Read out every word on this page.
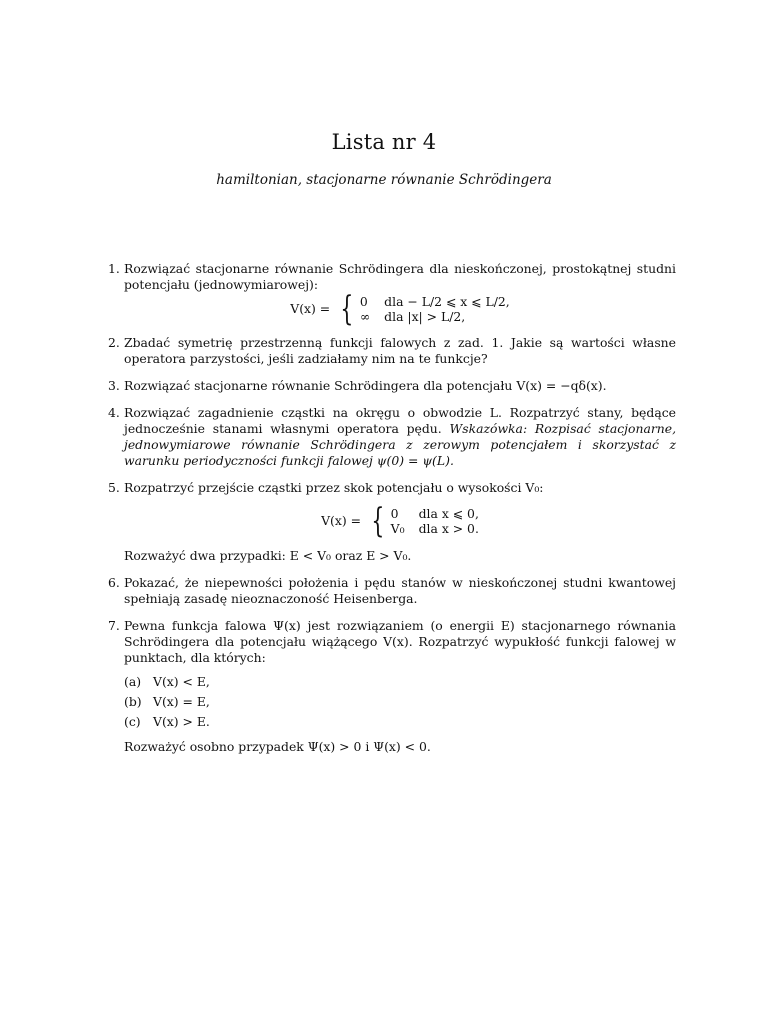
Lista nr 4
hamiltonian, stacjonarne równanie Schrödingera
1. Rozwiązać stacjonarne równanie Schrödingera dla nieskończonej, prostokątnej studni potencjału (jednowymiarowej):
V(x) = { 0 dla − L/2 ⩽ x ⩽ L/2,
∞ dla |x| > L/2,
2. Zbadać symetrię przestrzenną funkcji falowych z zad. 1. Jakie są wartości własne operatora parzystości, jeśli zadziałamy nim na te funkcje?
3. Rozwiązać stacjonarne równanie Schrödingera dla potencjału V(x) = −qδ(x).
4. Rozwiązać zagadnienie cząstki na okręgu o obwodzie L. Rozpatrzyć stany, będące jednocześnie stanami własnymi operatora pędu. Wskazówka: Rozpisać stacjonarne, jednowymiarowe równanie Schrödingera z zerowym potencjałem i skorzystać z warunku periodyczności funkcji falowej ψ(0) = ψ(L).
5. Rozpatrzyć przejście cząstki przez skok potencjału o wysokości V₀:
V(x) = { 0	dla x ⩽ 0,
V₀ dla x > 0.
Rozważyć dwa przypadki: E < V₀ oraz E > V₀.
6. Pokazać, że niepewności położenia i pędu stanów w nieskończonej studni kwantowej spełniają zasadę nieoznaczoność Heisenberga.
7. Pewna funkcja falowa Ψ(x) jest rozwiązaniem (o energii E) stacjonarnego równania Schrödingera dla potencjału wiążącego V(x). Rozpatrzyć wypukłość funkcji falowej w punktach, dla których:
(a) V(x) < E,
(b) V(x) = E,
(c) V(x) > E.
Rozważyć osobno przypadek Ψ(x) > 0 i Ψ(x) < 0.
